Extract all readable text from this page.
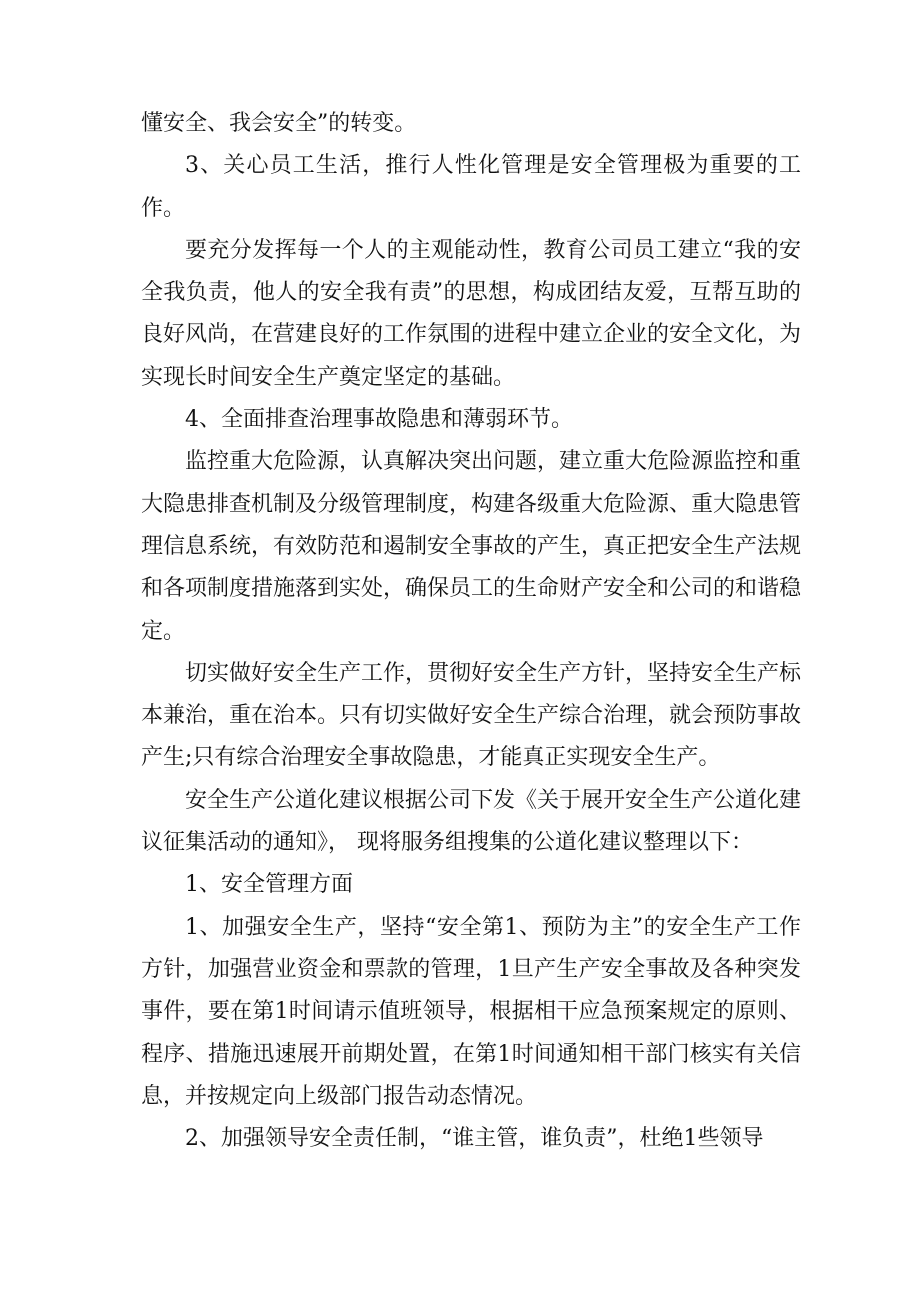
懂安全、我会安全”的转变。

3、关心员工生活，推行人性化管理是安全管理极为重要的工作。

要充分发挥每一个人的主观能动性，教育公司员工建立“我的安全我负责，他人的安全我有责”的思想，构成团结友爱，互帮互助的良好风尚，在营建良好的工作氛围的进程中建立企业的安全文化，为实现长时间安全生产奠定坚定的基础。

4、全面排查治理事故隐患和薄弱环节。

监控重大危险源，认真解决突出问题，建立重大危险源监控和重大隐患排查机制及分级管理制度，构建各级重大危险源、重大隐患管理信息系统，有效防范和遏制安全事故的产生，真正把安全生产法规和各项制度措施落到实处，确保员工的生命财产安全和公司的和谐稳定。

切实做好安全生产工作，贯彻好安全生产方针，坚持安全生产标本兼治，重在治本。只有切实做好安全生产综合治理，就会预防事故产生;只有综合治理安全事故隐患，才能真正实现安全生产。

安全生产公道化建议根据公司下发《关于展开安全生产公道化建议征集活动的通知》， 现将服务组搜集的公道化建议整理以下：

1、安全管理方面

1、加强安全生产，坚持“安全第1、预防为主”的安全生产工作方针，加强营业资金和票款的管理，1旦产生产安全事故及各种突发事件，要在第1时间请示值班领导，根据相干应急预案规定的原则、程序、措施迅速展开前期处置，在第1时间通知相干部门核实有关信息，并按规定向上级部门报告动态情况。

2、加强领导安全责任制，“谁主管，谁负责”，杜绝1些领导
